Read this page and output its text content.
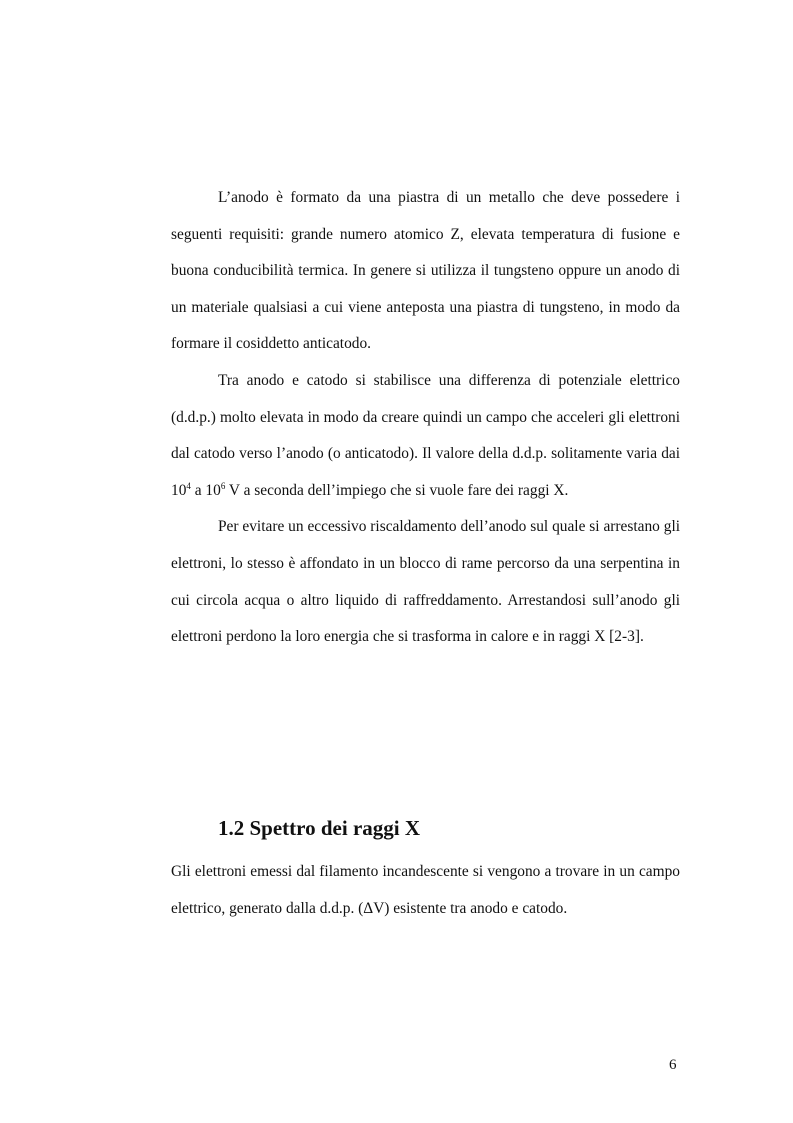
L’anodo è formato da una piastra di un metallo che deve possedere i seguenti requisiti: grande numero atomico Z, elevata temperatura di fusione e buona conducibilità termica. In genere si utilizza il tungsteno oppure un anodo di un materiale qualsiasi a cui viene anteposta una piastra di tungsteno, in modo da formare il cosiddetto anticatodo.

Tra anodo e catodo si stabilisce una differenza di potenziale elettrico (d.d.p.) molto elevata in modo da creare quindi un campo che acceleri gli elettroni dal catodo verso l’anodo (o anticatodo). Il valore della d.d.p. solitamente varia dai $10^4$ a $10^6$ V a seconda dell’impiego che si vuole fare dei raggi X.

Per evitare un eccessivo riscaldamento dell’anodo sul quale si arrestano gli elettroni, lo stesso è affondato in un blocco di rame percorso da una serpentina in cui circola acqua o altro liquido di raffreddamento. Arrestandosi sull’anodo gli elettroni perdono la loro energia che si trasforma in calore e in raggi X [2-3].

1.2 Spettro dei raggi X

Gli elettroni emessi dal filamento incandescente si vengono a trovare in un campo elettrico, generato dalla d.d.p. (ΔV) esistente tra anodo e catodo.

6
